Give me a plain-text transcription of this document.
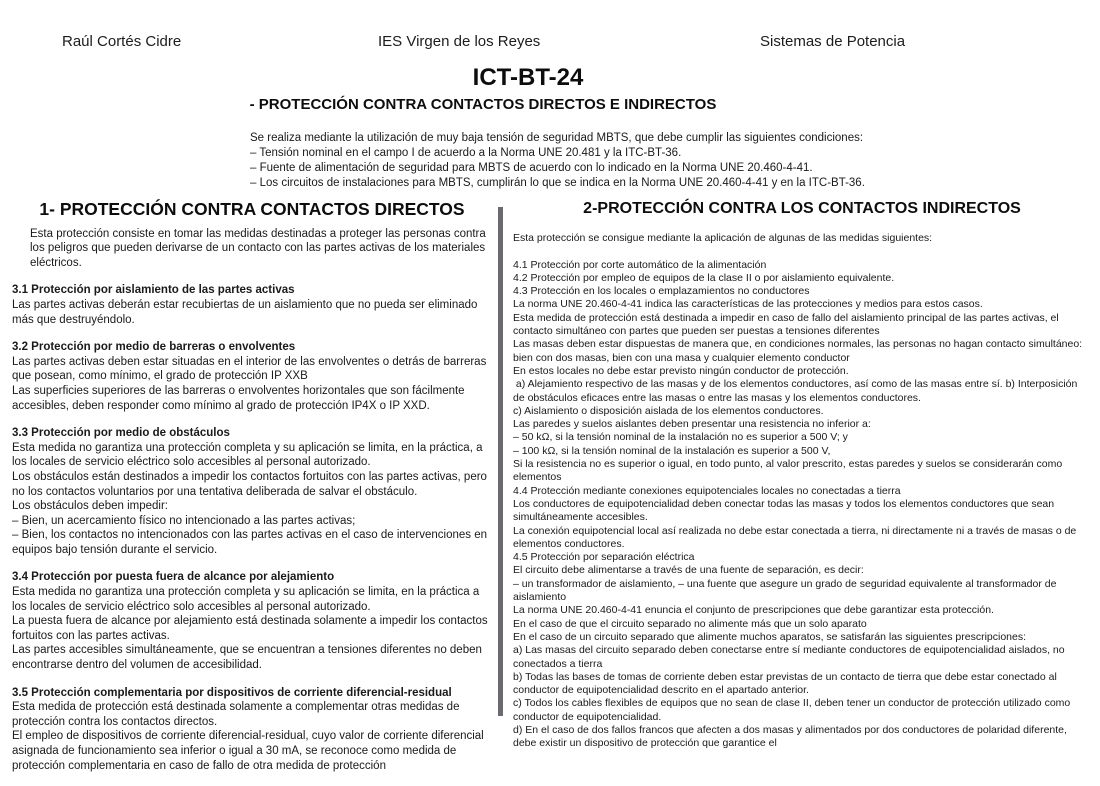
Raúl Cortés Cidre	IES Virgen de los Reyes	Sistemas de Potencia
ICT-BT-24
- PROTECCIÓN CONTRA CONTACTOS DIRECTOS E INDIRECTOS

Se realiza mediante la utilización de muy baja tensión de seguridad MBTS, que debe cumplir las siguientes condiciones:

– Tensión nominal en el campo I de acuerdo a la Norma UNE 20.481 y la ITC-BT-36.

– Fuente de alimentación de seguridad para MBTS de acuerdo con lo indicado en la Norma UNE 20.460-4-41.

– Los circuitos de instalaciones para MBTS, cumplirán lo que se indica en la Norma UNE 20.460-4-41 y en la ITC-BT-36.

1- PROTECCIÓN CONTRA CONTACTOS DIRECTOS
Esta protección consiste en tomar las medidas destinadas a proteger las personas contra los peligros que pueden derivarse de un contacto con las partes activas de los materiales eléctricos.
3.1 Protección por aislamiento de las partes activas

Las partes activas deberán estar recubiertas de un aislamiento que no pueda ser eliminado más que destruyéndolo.

3.2 Protección por medio de barreras o envolventes

Las partes activas deben estar situadas en el interior de las envolventes o detrás de barreras que posean, como mínimo, el grado de protección IP XXB

Las superficies superiores de las barreras o envolventes horizontales que son fácilmente accesibles, deben responder como mínimo al grado de protección IP4X o IP XXD.

3.3 Protección por medio de obstáculos

Esta medida no garantiza una protección completa y su aplicación se limita, en la práctica, a los locales de servicio eléctrico solo accesibles al personal autorizado.

Los obstáculos están destinados a impedir los contactos fortuitos con las partes activas, pero no los contactos voluntarios por una tentativa deliberada de salvar el obstáculo.

Los obstáculos deben impedir:

– Bien, un acercamiento físico no intencionado a las partes activas;

– Bien, los contactos no intencionados con las partes activas en el caso de intervenciones en equipos bajo tensión durante el servicio.

3.4 Protección por puesta fuera de alcance por alejamiento

Esta medida no garantiza una protección completa y su aplicación se limita, en la práctica a los locales de servicio eléctrico solo accesibles al personal autorizado.

La puesta fuera de alcance por alejamiento está destinada solamente a impedir los contactos fortuitos con las partes activas.

Las partes accesibles simultáneamente, que se encuentran a tensiones diferentes no deben encontrarse dentro del volumen de accesibilidad.

3.5 Protección complementaria por dispositivos de corriente diferencial-residual

Esta medida de protección está destinada solamente a complementar otras medidas de protección contra los contactos directos.

El empleo de dispositivos de corriente diferencial-residual, cuyo valor de corriente diferencial asignada de funcionamiento sea inferior o igual a 30 mA, se reconoce como medida de protección complementaria en caso de fallo de otra medida de protección

2-PROTECCIÓN CONTRA LOS CONTACTOS INDIRECTOS
Esta protección se consigue mediante la aplicación de algunas de las medidas siguientes:

4.1 Protección por corte automático de la alimentación

4.2 Protección por empleo de equipos de la clase II o por aislamiento equivalente.

4.3 Protección en los locales o emplazamientos no conductores

La norma UNE 20.460-4-41 indica las características de las protecciones y medios para estos casos.

Esta medida de protección está destinada a impedir en caso de fallo del aislamiento principal de las partes activas, el contacto simultáneo con partes que pueden ser puestas a tensiones diferentes

Las masas deben estar dispuestas de manera que, en condiciones normales, las personas no hagan contacto simultáneo: bien con dos masas, bien con una masa y cualquier elemento conductor

En estos locales no debe estar previsto ningún conductor de protección.

a) Alejamiento respectivo de las masas y de los elementos conductores, así como de las masas entre sí. b) Interposición de obstáculos eficaces entre las masas o entre las masas y los elementos conductores.

c) Aislamiento o disposición aislada de los elementos conductores.

Las paredes y suelos aislantes deben presentar una resistencia no inferior a:

– 50 kΩ, si la tensión nominal de la instalación no es superior a 500 V; y

– 100 kΩ, si la tensión nominal de la instalación es superior a 500 V,

Si la resistencia no es superior o igual, en todo punto, al valor prescrito, estas paredes y suelos se considerarán como elementos

4.4 Protección mediante conexiones equipotenciales locales no conectadas a tierra

Los conductores de equipotencialidad deben conectar todas las masas y todos los elementos conductores que sean simultáneamente accesibles.

La conexión equipotencial local así realizada no debe estar conectada a tierra, ni directamente ni a través de masas o de elementos conductores.

4.5 Protección por separación eléctrica

El circuito debe alimentarse a través de una fuente de separación, es decir:

– un transformador de aislamiento, – una fuente que asegure un grado de seguridad equivalente al transformador de aislamiento

La norma UNE 20.460-4-41 enuncia el conjunto de prescripciones que debe garantizar esta protección.

En el caso de que el circuito separado no alimente más que un solo aparato

En el caso de un circuito separado que alimente muchos aparatos, se satisfarán las siguientes prescripciones:

a) Las masas del circuito separado deben conectarse entre sí mediante conductores de equipotencialidad aislados, no conectados a tierra

b) Todas las bases de tomas de corriente deben estar previstas de un contacto de tierra que debe estar conectado al conductor de equipotencialidad descrito en el apartado anterior.

c) Todos los cables flexibles de equipos que no sean de clase II, deben tener un conductor de protección utilizado como conductor de equipotencialidad.

d) En el caso de dos fallos francos que afecten a dos masas y alimentados por dos conductores de polaridad diferente, debe existir un dispositivo de protección que garantice el
